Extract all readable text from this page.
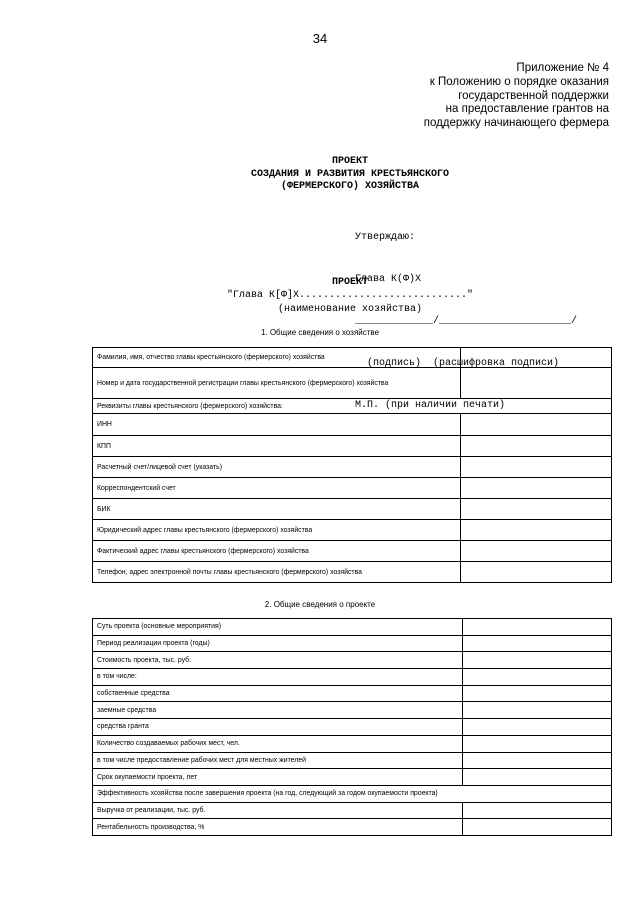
34
Приложение № 4
к Положению о порядке оказания
государственной поддержки
на предоставление грантов на
поддержку начинающего фермера
ПРОЕКТ
СОЗДАНИЯ И РАЗВИТИЯ КРЕСТЬЯНСКОГО
(ФЕРМЕРСКОГО) ХОЗЯЙСТВА

Утверждаю:

Глава К(Ф)Х

_____________/______________________/

(подпись)  (расшифровка подписи)

М.П. (при наличии печати)

ПРОЕКТ
"Глава К[Ф]Х............................"
(наименование хозяйства)
1. Общие сведения о хозяйстве
Фамилия, имя, отчество главы крестьянского (фермерского) хозяйства	
Номер и дата государственной регистрации главы крестьянского (фермерского) хозяйства	
Реквизиты главы крестьянского (фермерского) хозяйства:	
ИНН	
КПП	
Расчетный счет/лицевой счет (указать)	
Корреспондентский счет	
БИК	
Юридический адрес главы крестьянского (фермерского) хозяйства	
Фактический адрес главы крестьянского (фермерского) хозяйства	
Телефон, адрес электронной почты главы крестьянского (фермерского) хозяйства	
2. Общие сведения о проекте
Суть проекта (основные мероприятия)	
Период реализации проекта (годы)	
Стоимость проекта, тыс. руб.	
в том числе:	
собственные средства	
заемные средства	
средства гранта	
Количество создаваемых рабочих мест, чел.	
в том числе предоставление рабочих мест для местных жителей	
Срок окупаемости проекта, лет	
Эффективность хозяйства после завершения проекта (на год, следующий за годом окупаемости проекта)	
Выручка от реализации, тыс. руб.	
Рентабельность производства, %	
